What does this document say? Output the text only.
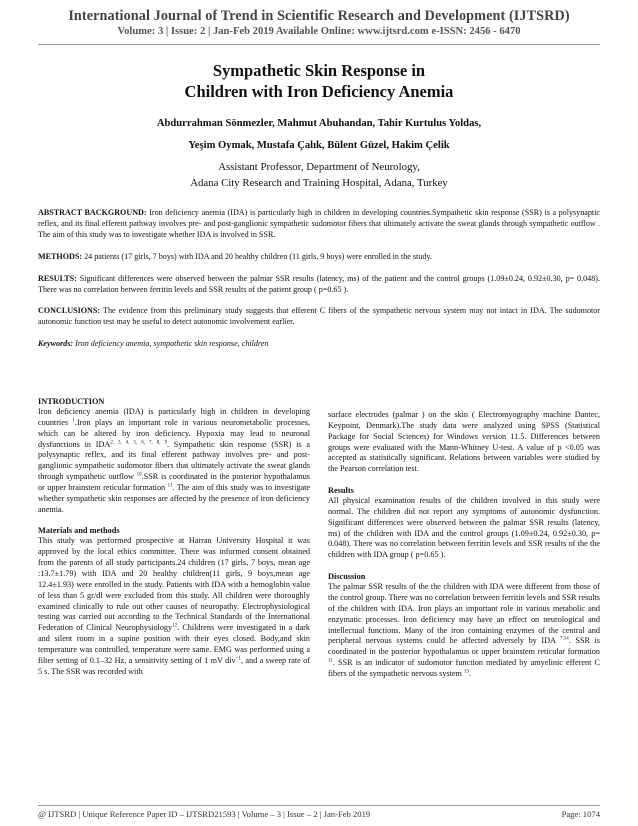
International Journal of Trend in Scientific Research and Development (IJTSRD)
Volume: 3 | Issue: 2 | Jan-Feb 2019 Available Online: www.ijtsrd.com e-ISSN: 2456 - 6470
Sympathetic Skin Response in
Children with Iron Deficiency Anemia
Abdurrahman Sönmezler, Mahmut Abuhandan, Tahir Kurtulus Yoldas,
Yeşim Oymak, Mustafa Çalık, Bülent Güzel, Hakim Çelik
Assistant Professor, Department of Neurology,
Adana City Research and Training Hospital, Adana, Turkey

ABSTRACT BACKGROUND: Iron deficiency anemia (IDA) is particularly high in children in developing countries.Sympathetic skin response (SSR) is a polysynaptic reflex, and its final efferent pathway involves pre- and post-ganglionic sympathetic sudomotor fibers that ultimately activate the sweat glands through sympathetic outflow . The aim of this study was to investigate whether IDA is involved in SSR.

METHODS: 24 patients (17 girls, 7 boys) with IDA and 20 healthy children (11 girls, 9 boys) were enrolled in the study.

RESULTS: Significant differences were observed between the palmar SSR results (latency, ms) of the patient and the control groups (1.09±0.24, 0.92±0.30, p= 0.048). There was no correlation between ferritin levels and SSR results of the patient group ( p=0.65 ).

CONCLUSIONS: The evidence from this preliminary study suggests that efferent C fibers of the sympathetic nervous system may not intact in IDA. The sudomotor autonomic function test may be useful to detect autonomic involvement earlier.

Keywords: Iron deficiency anemia, sympathetic skin response, children

INTRODUCTION

Iron deficiency anemia (IDA) is particularly high in children in developing countries $^1$.Iron plays an important role in various neurometabolic processes, which can be altered by iron deficiency. Hypoxia may lead to neuronal dysfunctions in IDA$^{2, 3, 4, 5, 6, 7, 8, 9}$. Sympathetic skin response (SSR) is a polysynaptic reflex, and its final efferent pathway involves pre- and post-ganglionic sympathetic sudomotor fibers that ultimately activate the sweat glands through sympathetic outflow $^{10}$.SSR is coordinated in the posterior hypothalamus or upper brainstem reticular formation $^{11}$. The aim of this study was to investigate whether sympathetic skin responses are affected by the presence of iron deficiency anemia.

Materials and methods

This study was performed prospective at Harran University Hospital it was approved by the local ethics committee. There was informed consent obtained from the parents of all study participants.24 children (17 girls, 7 boys, mean age :13.7±1.79) with IDA and 20 healthy children(11 girls, 9 boys,mean age 12.4±1.93) were enrolled in the study. Patients with IDA with a hemoglobin value of less than 5 gr/dl were excluded from this study. All children were thoroughly examined clinically to rule out other causes of neuropathy. Electrophysiological testing was carried out according to the Technical Standards of the International Federation of Clinical Neurophysiology$^{12}$. Childrens were investigated in a dark and silent room in a supine position with their eyes closed. Body,and skin temperature was controlled, temperature were same. EMG was performed using a filter setting of 0.1–32 Hz, a sensitivity setting of 1 mV div$^{-1}$, and a sweep rate of 5 s. The SSR was recorded with

surface electrodes (palmar ) on the skin ( Electromyography machine Dantec, Keypoint, Denmark).The study data were analyzed using SPSS (Statistical Package for Social Sciences) for Windows version 11.5. Differences between groups were evaluated with the Mann-Whitney U-test. A value of p <0.05 was accepted as statistically significant. Relations between variables were studied by the Pearson correlation test.

Results

All physical examination results of the children involved in this study were normal. The children did not report any symptoms of autonomic dysfunction. Significant differences were observed between the palmar SSR results (latency, ms) of the children with IDA and the control groups (1.09±0.24, 0.92±0.30, p= 0.048). There was no correlation between ferritin levels and SSR results of the the children with IDA group ( p=0.65 ).

Discussion

The palmar SSR results of the the children with IDA were different from those of the control group. There was no correlation between ferritin levels and SSR results of the children with IDA. Iron plays an important role in various metabolic and enzymatic processes. Iron deficiency may have an effect on neurological and intellectual functions. Many of the iron containing enzymes of the central and peripheral nervous systems could be affected adversely by IDA $^{7,14}$. SSR is coordinated in the posterior hypothalamus or upper brainstem reticular formation $^{11}$. SSR is an indicator of sudomotor function mediated by amyelinic efferent C fibers of the sympathetic nervous system $^{13}$.

@ IJTSRD | Unique Reference Paper ID – IJTSRD21593 | Volume – 3 | Issue – 2 | Jan-Feb 2019	Page: 1074
